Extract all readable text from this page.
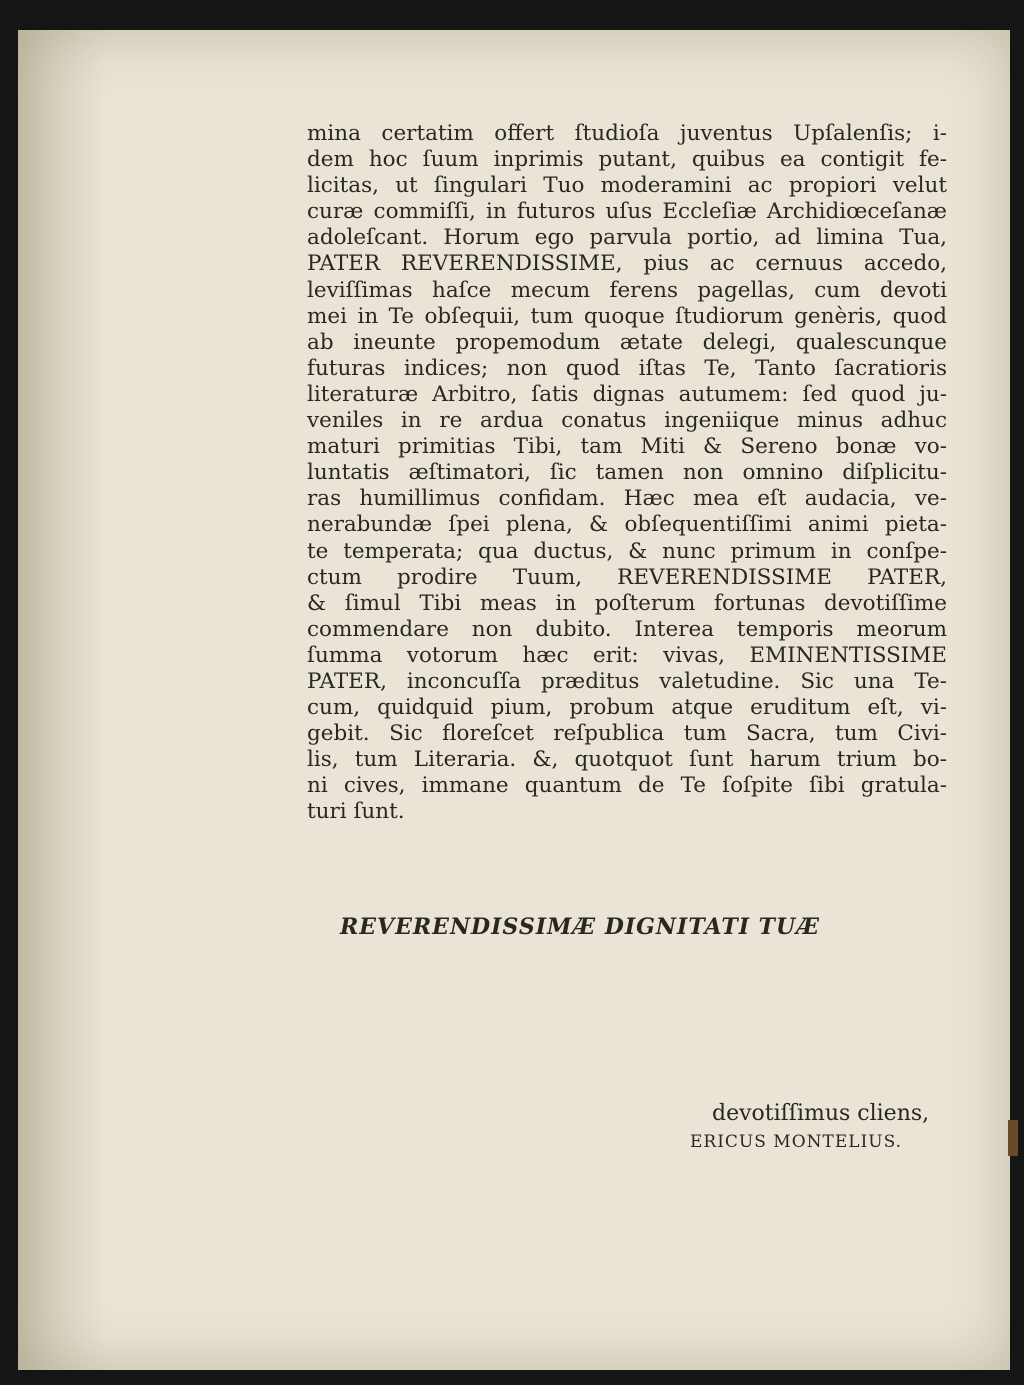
mina certatim offert ſtudioſa juventus Upſalenſis; i-
dem hoc ſuum inprimis putant, quibus ea contigit fe-
licitas, ut ſingulari Tuo moderamini ac propiori velut
curæ commiſſi, in futuros uſus Eccleſiæ Archidiœceſanæ
adoleſcant. Horum ego parvula portio, ad limina Tua,
PATER REVERENDISSIME, pius ac cernuus accedo,
leviſſimas haſce mecum ferens pagellas, cum devoti
mei in Te obſequii, tum quoque ſtudiorum genèris, quod
ab ineunte propemodum ætate delegi, qualescunque
futuras indices; non quod iſtas Te, Tanto ſacratioris
literaturæ Arbitro, ſatis dignas autumem: ſed quod ju-
veniles in re ardua conatus ingeniique minus adhuc
maturi primitias Tibi, tam Miti & Sereno bonæ vo-
luntatis æſtimatori, ſic tamen non omnino diſplicitu-
ras humillimus confidam. Hæc mea eſt audacia, ve-
nerabundæ ſpei plena, & obſequentiſſimi animi pieta-
te temperata; qua ductus, & nunc primum in conſpe-
ctum prodire Tuum, REVERENDISSIME PATER,
& ſimul Tibi meas in poſterum fortunas devotiſſime
commendare non dubito. Interea temporis meorum
ſumma votorum hæc erit: vivas, EMINENTISSIME
PATER, inconcuſſa præditus valetudine. Sic una Te-
cum, quidquid pium, probum atque eruditum eſt, vi-
gebit. Sic floreſcet reſpublica tum Sacra, tum Civi-
lis, tum Literaria. &, quotquot ſunt harum trium bo-
ni cives, immane quantum de Te ſoſpite ſibi gratula-
turi ſunt.
REVERENDISSIMÆ DIGNITATI TUÆ
devotiſſimus cliens,
ERICUS MONTELIUS.
